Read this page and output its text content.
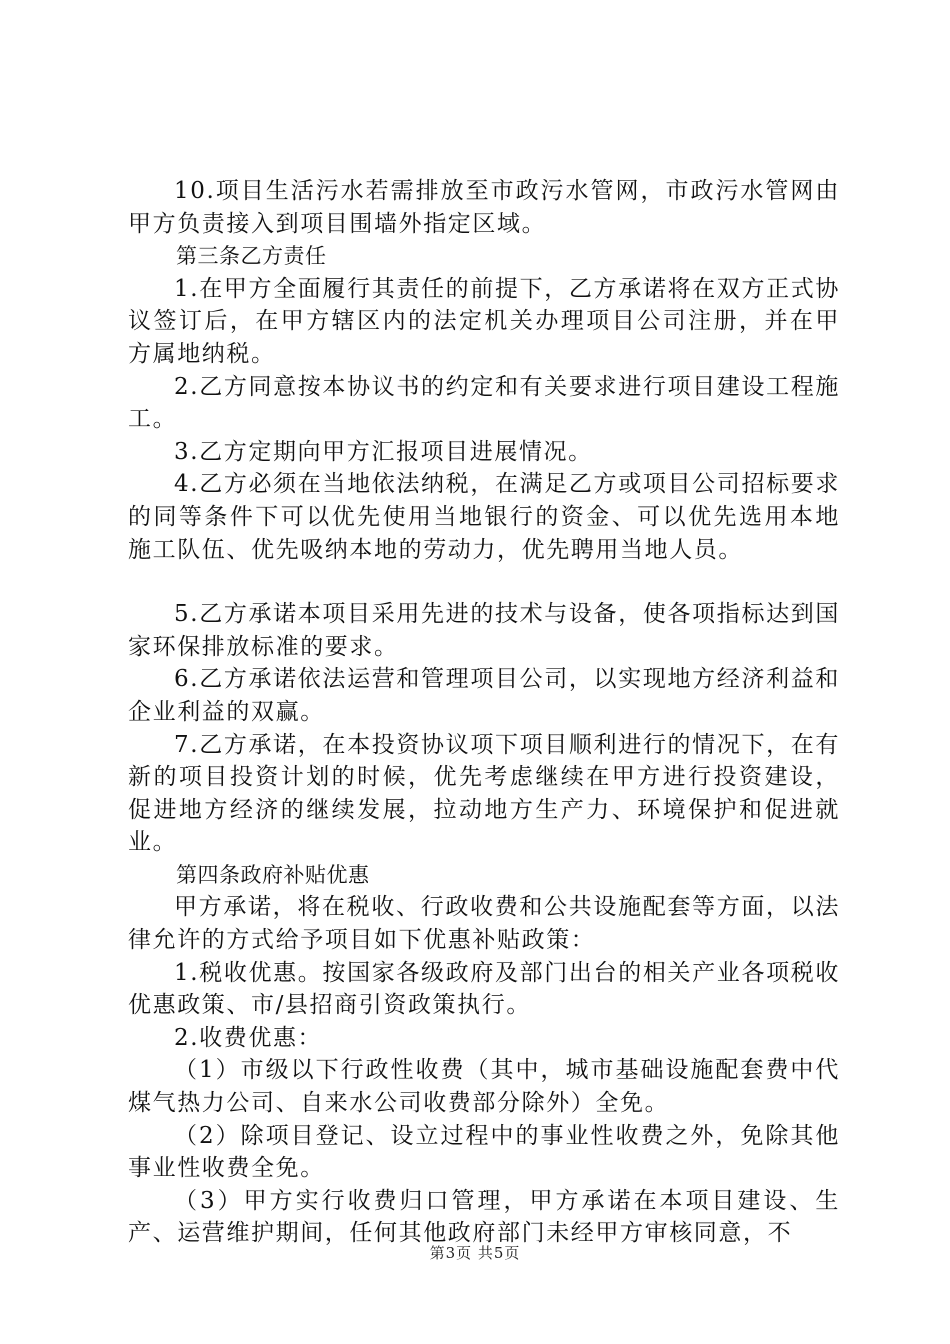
10.项目生活污水若需排放至市政污水管网，市政污水管网由甲方负责接入到项目围墙外指定区域。

第三条乙方责任

1.在甲方全面履行其责任的前提下，乙方承诺将在双方正式协议签订后，在甲方辖区内的法定机关办理项目公司注册，并在甲方属地纳税。

2.乙方同意按本协议书的约定和有关要求进行项目建设工程施工。

3.乙方定期向甲方汇报项目进展情况。

4.乙方必须在当地依法纳税，在满足乙方或项目公司招标要求的同等条件下可以优先使用当地银行的资金、可以优先选用本地施工队伍、优先吸纳本地的劳动力，优先聘用当地人员。

5.乙方承诺本项目采用先进的技术与设备，使各项指标达到国家环保排放标准的要求。

6.乙方承诺依法运营和管理项目公司，以实现地方经济利益和企业利益的双赢。

7.乙方承诺，在本投资协议项下项目顺利进行的情况下，在有新的项目投资计划的时候，优先考虑继续在甲方进行投资建设，促进地方经济的继续发展，拉动地方生产力、环境保护和促进就业。

第四条政府补贴优惠

甲方承诺，将在税收、行政收费和公共设施配套等方面，以法律允许的方式给予项目如下优惠补贴政策：

1.税收优惠。按国家各级政府及部门出台的相关产业各项税收优惠政策、市/县招商引资政策执行。

2.收费优惠：

（1）市级以下行政性收费（其中，城市基础设施配套费中代煤气热力公司、自来水公司收费部分除外）全免。

（2）除项目登记、设立过程中的事业性收费之外，免除其他事业性收费全免。

（3）甲方实行收费归口管理，甲方承诺在本项目建设、生产、运营维护期间，任何其他政府部门未经甲方审核同意，不

第3页 共5页
